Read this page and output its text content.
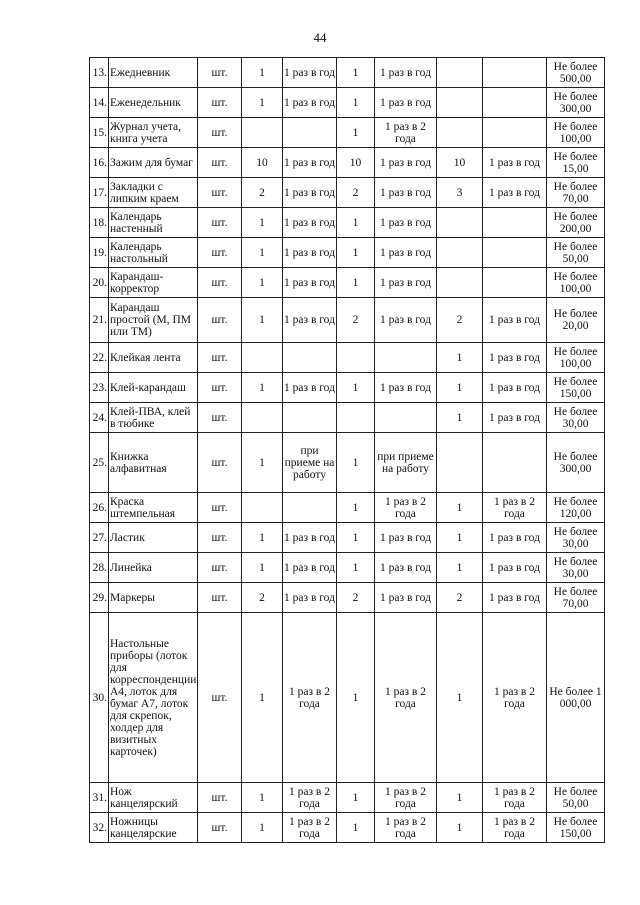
44
13.	Ежедневник	шт.	1	1 раз в год	1	1 раз в год			Не более 500,00
14.	Еженедельник	шт.	1	1 раз в год	1	1 раз в год			Не более 300,00
15.	Журнал учета, книга учета	шт.			1	1 раз в 2 года			Не более 100,00
16.	Зажим для бумаг	шт.	10	1 раз в год	10	1 раз в год	10	1 раз в год	Не более 15,00
17.	Закладки с липким краем	шт.	2	1 раз в год	2	1 раз в год	3	1 раз в год	Не более 70,00
18.	Календарь настенный	шт.	1	1 раз в год	1	1 раз в год			Не более 200,00
19.	Календарь настольный	шт.	1	1 раз в год	1	1 раз в год			Не более 50,00
20.	Карандаш-корректор	шт.	1	1 раз в год	1	1 раз в год			Не более 100,00
21.	Карандаш простой (М, ПМ или ТМ)	шт.	1	1 раз в год	2	1 раз в год	2	1 раз в год	Не более 20,00
22.	Клейкая лента	шт.					1	1 раз в год	Не более 100,00
23.	Клей-карандаш	шт.	1	1 раз в год	1	1 раз в год	1	1 раз в год	Не более 150,00
24.	Клей-ПВА, клей в тюбике	шт.					1	1 раз в год	Не более 30,00
25.	Книжка алфавитная	шт.	1	при приеме на работу	1	при приеме на работу			Не более 300,00
26.	Краска штемпельная	шт.			1	1 раз в 2 года	1	1 раз в 2 года	Не более 120,00
27.	Ластик	шт.	1	1 раз в год	1	1 раз в год	1	1 раз в год	Не более 30,00
28.	Линейка	шт.	1	1 раз в год	1	1 раз в год	1	1 раз в год	Не более 30,00
29.	Маркеры	шт.	2	1 раз в год	2	1 раз в год	2	1 раз в год	Не более 70,00
30.	Настольные приборы (лоток для корреспонденции А4, лоток для бумаг А7, лоток для скрепок, холдер для визитных карточек)	шт.	1	1 раз в 2 года	1	1 раз в 2 года	1	1 раз в 2 года	Не более 1 000,00
31.	Нож канцелярский	шт.	1	1 раз в 2 года	1	1 раз в 2 года	1	1 раз в 2 года	Не более 50,00
32.	Ножницы канцелярские	шт.	1	1 раз в 2 года	1	1 раз в 2 года	1	1 раз в 2 года	Не более 150,00
